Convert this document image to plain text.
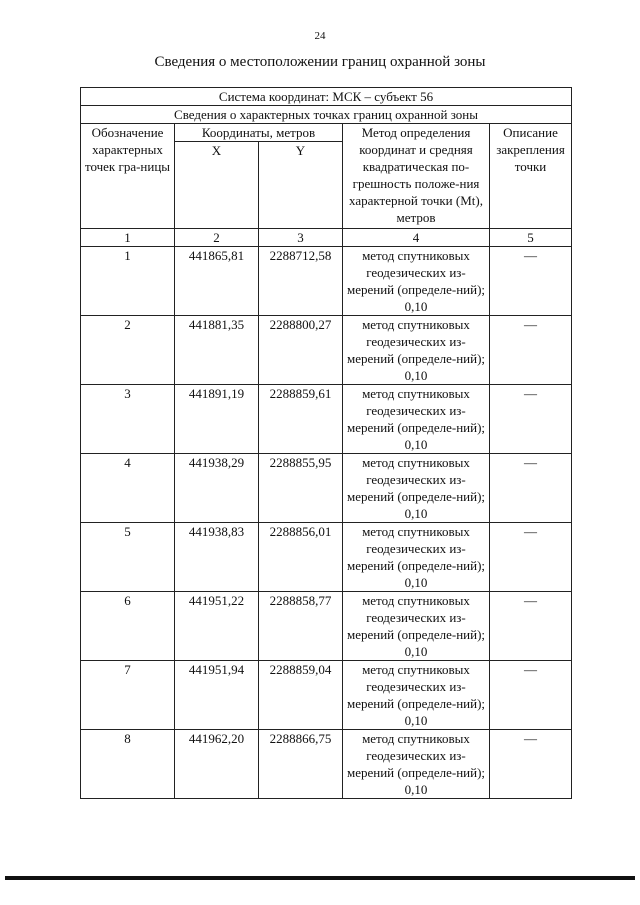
24
Сведения о местоположении границ охранной зоны
Система координат: МСК – субъект 56				
Сведения о характерных точках границ охранной зоны				
Обозначение характерных точек гра-ницы	Координаты, метров		Метод определения координат и средняя квадратическая по-грешность положе-ния характерной точки (Mt), метров	Описание закрепления точки
	X	Y		
1	2	3	4	5
1	441865,81	2288712,58	метод спутниковых геодезических из-мерений (определе-ний); 0,10	—
2	441881,35	2288800,27	метод спутниковых геодезических из-мерений (определе-ний); 0,10	—
3	441891,19	2288859,61	метод спутниковых геодезических из-мерений (определе-ний); 0,10	—
4	441938,29	2288855,95	метод спутниковых геодезических из-мерений (определе-ний); 0,10	—
5	441938,83	2288856,01	метод спутниковых геодезических из-мерений (определе-ний); 0,10	—
6	441951,22	2288858,77	метод спутниковых геодезических из-мерений (определе-ний); 0,10	—
7	441951,94	2288859,04	метод спутниковых геодезических из-мерений (определе-ний); 0,10	—
8	441962,20	2288866,75	метод спутниковых геодезических из-мерений (определе-ний); 0,10	—
